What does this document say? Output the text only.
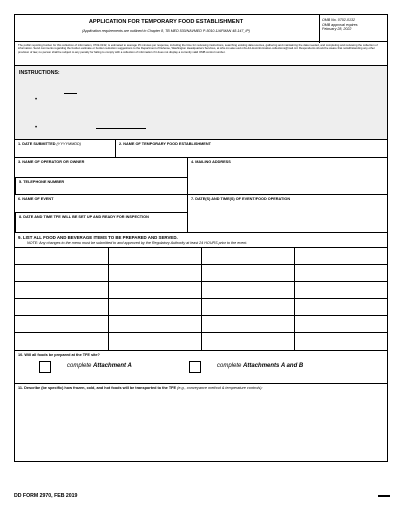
APPLICATION FOR TEMPORARY FOOD ESTABLISHMENT
(Application requirements are outlined in Chapter 8, TB MED 530/NAVMED P-5010-1/AFMAN 48-147_IP)
OMB No. 0702-0132
OMB approval expires
February 28, 2022
The public reporting burden for this collection of information, 0702-0132, is estimated to average 15 minutes per response, including the time for reviewing instructions, searching existing data sources, gathering and maintaining the data needed, and completing and reviewing the collection of information. Send comments regarding the burden estimate or burden reduction suggestions to the Department of Defense, Washington Headquarters Services, at whs.mc-alex.esd.mbx.dd-dod-information-collections@mail.mil. Respondents should be aware that notwithstanding any other provision of law, no person shall be subject to any penalty for failing to comply with a collection of information if it does not display a currently valid OMB control number.
INSTRUCTIONS:
•
•
1. DATE SUBMITTED (YYYYMMDD)	2. NAME OF TEMPORARY FOOD ESTABLISHMENT
3. NAME OF OPERATOR OR OWNER
5. TELEPHONE NUMBER
4. MAILING ADDRESS
6. NAME OF EVENT
8. DATE AND TIME TFE WILL BE SET UP AND READY FOR INSPECTION
7. DATE(S) AND TIME(S) OF EVENT/FOOD OPERATION
9. LIST ALL FOOD AND BEVERAGE ITEMS TO BE PREPARED AND SERVED.
NOTE: Any changes to the menu must be submitted to and approved by the Regulatory Authority at least 24 HOURS prior to the event.
10. Will all foods be prepared at the TFE site?
complete Attachment A	complete Attachments A and B
11. Describe (be specific) how frozen, cold, and hot foods will be transported to the TFE (e.g., conveyance method & temperature controls):
DD FORM 2970, FEB 2019
